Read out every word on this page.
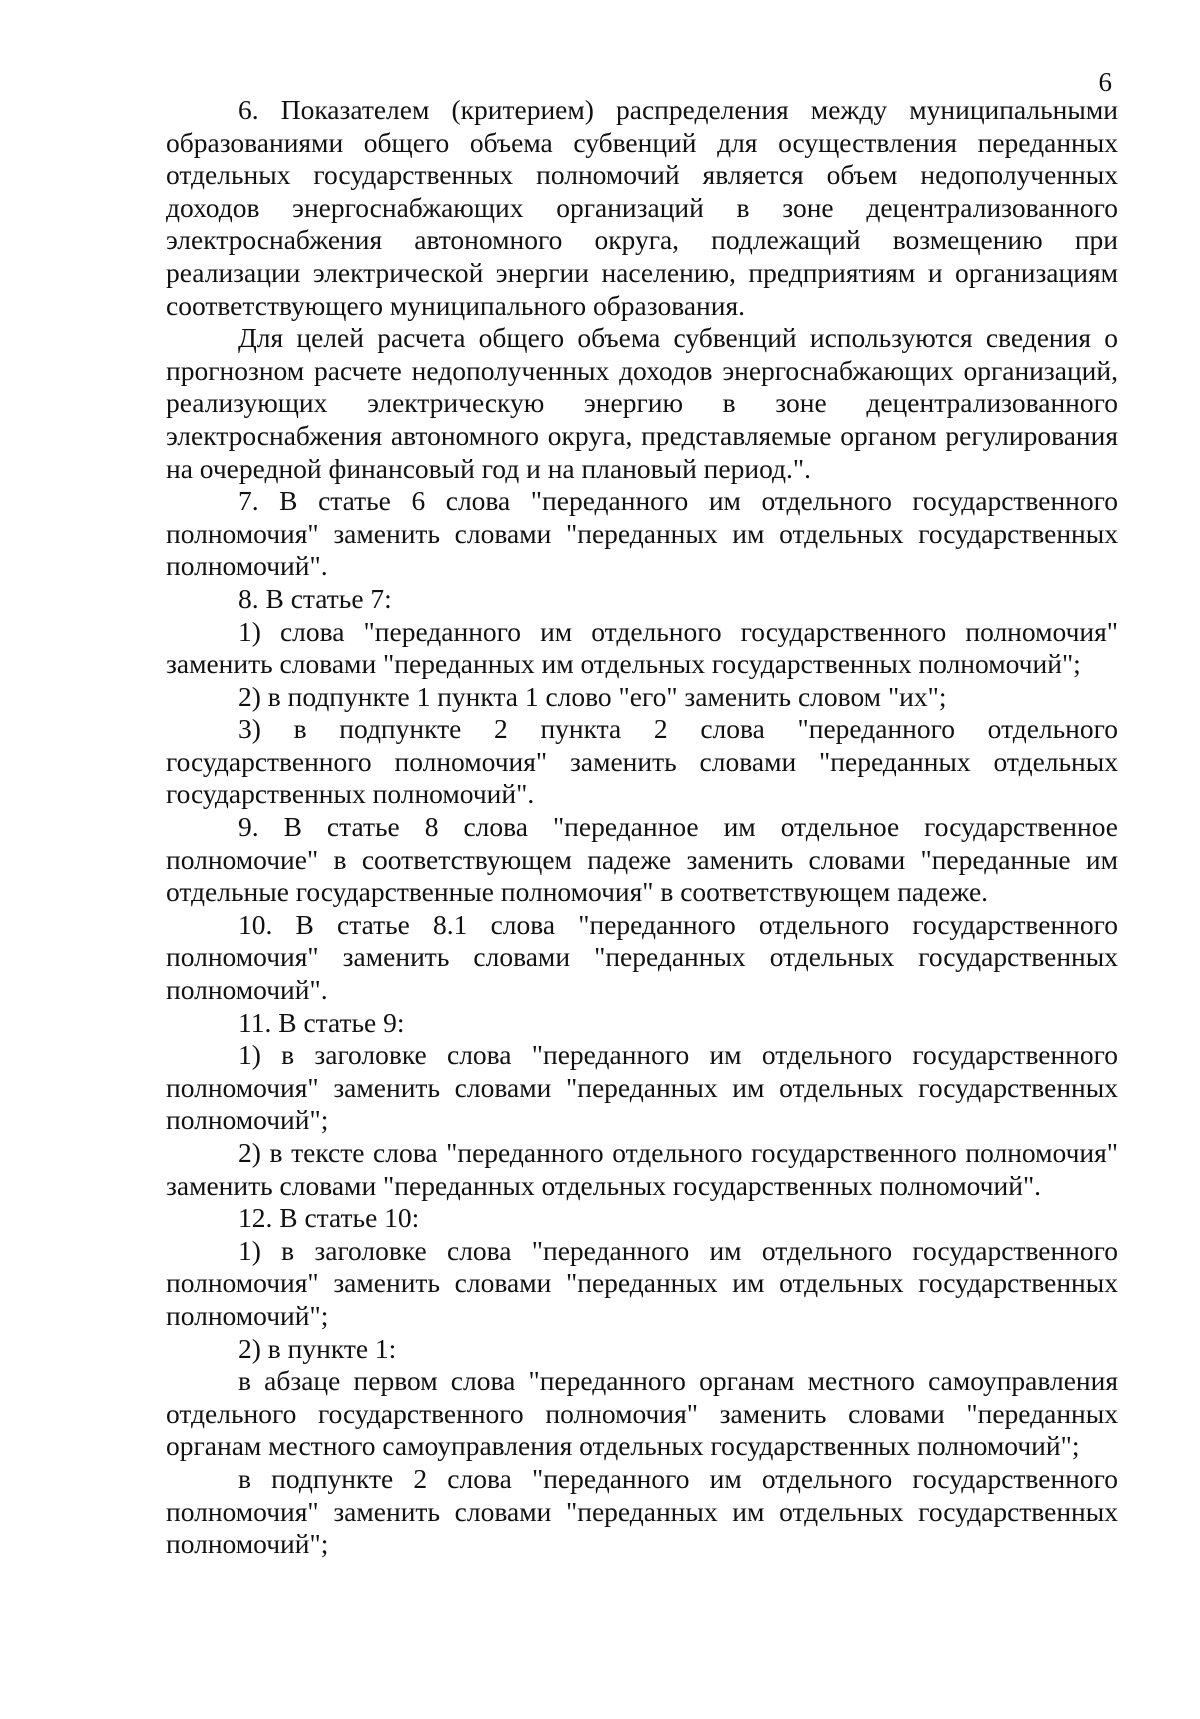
6

6. Показателем (критерием) распределения между муниципальными образованиями общего объема субвенций для осуществления переданных отдельных государственных полномочий является объем недополученных доходов энергоснабжающих организаций в зоне децентрализованного электроснабжения автономного округа, подлежащий возмещению при реализации электрической энергии населению, предприятиям и организациям соответствующего муниципального образования.

Для целей расчета общего объема субвенций используются сведения о прогнозном расчете недополученных доходов энергоснабжающих организаций, реализующих электрическую энергию в зоне децентрализованного электроснабжения автономного округа, представляемые органом регулирования на очередной финансовый год и на плановый период.".

7. В статье 6 слова "переданного им отдельного государственного полномочия" заменить словами "переданных им отдельных государственных полномочий".

8. В статье 7:

1) слова "переданного им отдельного государственного полномочия" заменить словами "переданных им отдельных государственных полномочий";

2) в подпункте 1 пункта 1 слово "его" заменить словом "их";

3) в подпункте 2 пункта 2 слова "переданного отдельного государственного полномочия" заменить словами "переданных отдельных государственных полномочий".

9. В статье 8 слова "переданное им отдельное государственное полномочие" в соответствующем падеже заменить словами "переданные им отдельные государственные полномочия" в соответствующем падеже.

10. В статье 8.1 слова "переданного отдельного государственного полномочия" заменить словами "переданных отдельных государственных полномочий".

11. В статье 9:

1) в заголовке слова "переданного им отдельного государственного полномочия" заменить словами "переданных им отдельных государственных полномочий";

2) в тексте слова "переданного отдельного государственного полномочия" заменить словами "переданных отдельных государственных полномочий".

12. В статье 10:

1) в заголовке слова "переданного им отдельного государственного полномочия" заменить словами "переданных им отдельных государственных полномочий";

2) в пункте 1:

в абзаце первом слова "переданного органам местного самоуправления отдельного государственного полномочия" заменить словами "переданных органам местного самоуправления отдельных государственных полномочий";

в подпункте 2 слова "переданного им отдельного государственного полномочия" заменить словами "переданных им отдельных государственных полномочий";
